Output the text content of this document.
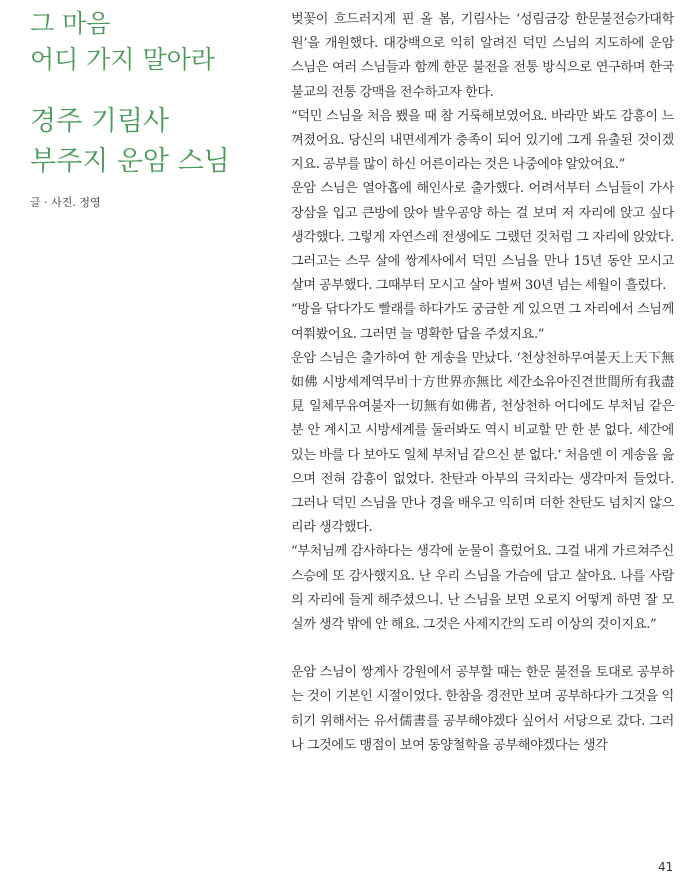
그 마음

어디 가지 말아라

경주 기림사

부주지 운암 스님

글 · 사진. 정영

벚꽃이 흐드러지게 핀 올 봄, 기림사는 ‘성림금강 한문불전승가대학원’을 개원했다. 대강백으로 익히 알려진 덕민 스님의 지도하에 운암 스님은 여러 스님들과 함께 한문 불전을 전통 방식으로 연구하며 한국 불교의 전통 강맥을 전수하고자 한다.

“덕민 스님을 처음 뵀을 때 참 거룩해보였어요. 바라만 봐도 감흥이 느껴졌어요. 당신의 내면세계가 충족이 되어 있기에 그게 유출된 것이겠지요. 공부를 많이 하신 어른이라는 것은 나중에야 알았어요.”

운암 스님은 열아홉에 해인사로 출가했다. 어려서부터 스님들이 가사장삼을 입고 큰방에 앉아 발우공양 하는 걸 보며 저 자리에 앉고 싶다 생각했다. 그렇게 자연스레 전생에도 그랬던 것처럼 그 자리에 앉았다. 그러고는 스무 살에 쌍계사에서 덕민 스님을 만나 15년 동안 모시고 살며 공부했다. 그때부터 모시고 살아 벌써 30년 넘는 세월이 흘렀다.

“방을 닦다가도 빨래를 하다가도 궁금한 게 있으면 그 자리에서 스님께 여쭤봤어요. 그러면 늘 명확한 답을 주셨지요.”

운암 스님은 출가하여 한 게송을 만났다. ‘천상천하무여불天上天下無如佛 시방세계역무비十方世界亦無比 세간소유아진견世間所有我盡見 일체무유여불자一切無有如佛者, 천상천하 어디에도 부처님 같은 분 안 계시고 시방세계를 둘러봐도 역시 비교할 만 한 분 없다. 세간에 있는 바를 다 보아도 일체 부처님 같으신 분 없다.’ 처음엔 이 게송을 읊으며 전혀 감흥이 없었다. 찬탄과 아부의 극치라는 생각마저 들었다. 그러나 덕민 스님을 만나 경을 배우고 익히며 더한 찬탄도 넘치지 않으리라 생각했다.

“부처님께 감사하다는 생각에 눈물이 흘렀어요. 그걸 내게 가르쳐주신 스승에 또 감사했지요. 난 우리 스님을 가슴에 담고 살아요. 나를 사람의 자리에 들게 해주셨으니. 난 스님을 보면 오로지 어떻게 하면 잘 모실까 생각 밖에 안 해요. 그것은 사제지간의 도리 이상의 것이지요.”

운암 스님이 쌍계사 강원에서 공부할 때는 한문 불전을 토대로 공부하는 것이 기본인 시절이었다. 한참을 경전만 보며 공부하다가 그것을 익히기 위해서는 유서儒書를 공부해야겠다 싶어서 서당으로 갔다. 그러나 그것에도 맹점이 보여 동양철학을 공부해야겠다는 생각

41
